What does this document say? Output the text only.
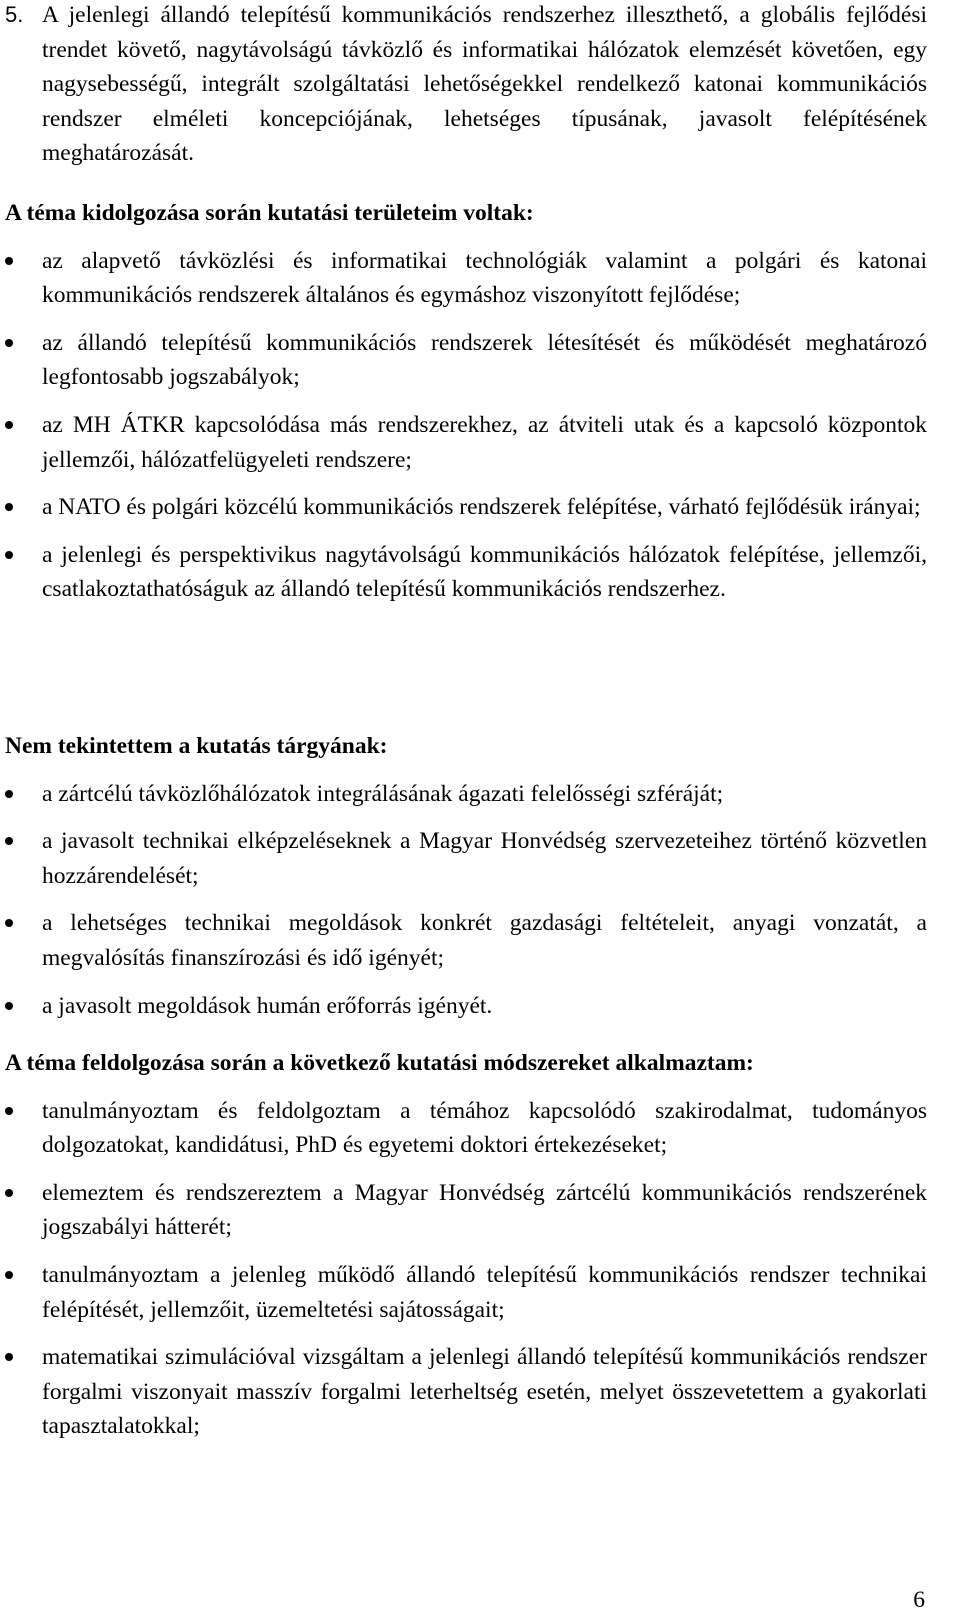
5. A jelenlegi állandó telepítésű kommunikációs rendszerhez illeszthető, a globális fejlődési trendet követő, nagytávolságú távközlő és informatikai hálózatok elemzését követően, egy nagysebességű, integrált szolgáltatási lehetőségekkel rendelkező katonai kommunikációs rendszer elméleti koncepciójának, lehetséges típusának, javasolt felépítésének meghatározását.
A téma kidolgozása során kutatási területeim voltak:
az alapvető távközlési és informatikai technológiák valamint a polgári és katonai kommunikációs rendszerek általános és egymáshoz viszonyított fejlődése;
az állandó telepítésű kommunikációs rendszerek létesítését és működését meghatározó legfontosabb jogszabályok;
az MH ÁTKR kapcsolódása más rendszerekhez, az átviteli utak és a kapcsoló központok jellemzői, hálózatfelügyeleti rendszere;
a NATO és polgári közcélú kommunikációs rendszerek felépítése, várható fejlődésük irányai;
a jelenlegi és perspektivikus nagytávolságú kommunikációs hálózatok felépítése, jellemzői, csatlakoztathatóságuk az állandó telepítésű kommunikációs rendszerhez.
Nem tekintettem a kutatás tárgyának:
a zártcélú távközlőhálózatok integrálásának ágazati felelősségi szféráját;
a javasolt technikai elképzeléseknek a Magyar Honvédség szervezeteihez történő közvetlen hozzárendelését;
a lehetséges technikai megoldások konkrét gazdasági feltételeit, anyagi vonzatát, a megvalósítás finanszírozási és idő igényét;
a javasolt megoldások humán erőforrás igényét.
A téma feldolgozása során a következő kutatási módszereket alkalmaztam:
tanulmányoztam és feldolgoztam a témához kapcsolódó szakirodalmat, tudományos dolgozatokat, kandidátusi, PhD és egyetemi doktori értekezéseket;
elemeztem és rendszereztem a Magyar Honvédség zártcélú kommunikációs rendszerének jogszabályi hátterét;
tanulmányoztam a jelenleg működő állandó telepítésű kommunikációs rendszer technikai felépítését, jellemzőit, üzemeltetési sajátosságait;
matematikai szimulációval vizsgáltam a jelenlegi állandó telepítésű kommunikációs rendszer forgalmi viszonyait masszív forgalmi leterheltség esetén, melyet összevetettem a gyakorlati tapasztalatokkal;
6
